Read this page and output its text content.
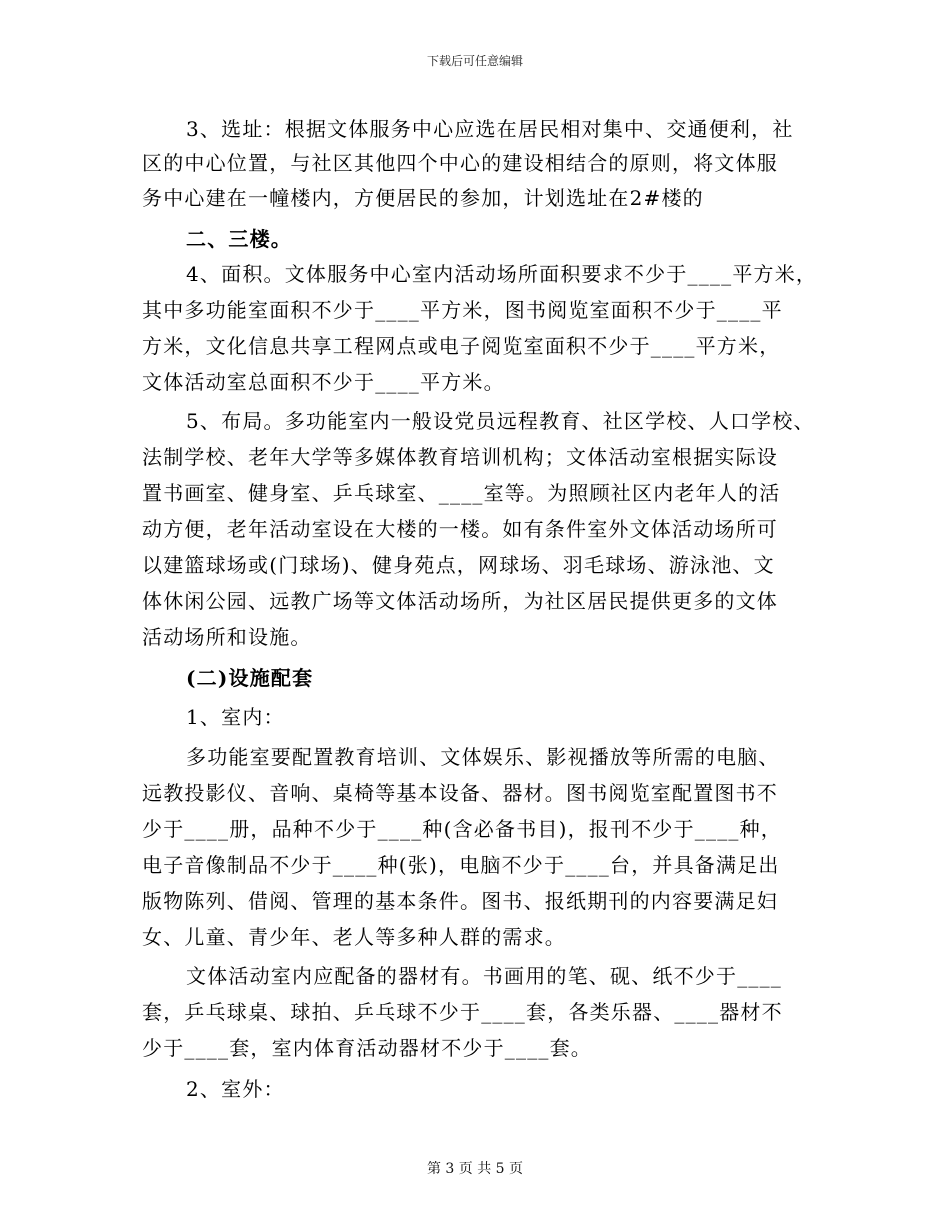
下载后可任意编辑
3、选址：根据文体服务中心应选在居民相对集中、交通便利，社
区的中心位置，与社区其他四个中心的建设相结合的原则，将文体服
务中心建在一幢楼内，方便居民的参加，计划选址在2#楼的
二、三楼。
4、面积。文体服务中心室内活动场所面积要求不少于____平方米，
其中多功能室面积不少于____平方米，图书阅览室面积不少于____平
方米，文化信息共享工程网点或电子阅览室面积不少于____平方米，
文体活动室总面积不少于____平方米。
5、布局。多功能室内一般设党员远程教育、社区学校、人口学校、
法制学校、老年大学等多媒体教育培训机构；文体活动室根据实际设
置书画室、健身室、乒乓球室、____室等。为照顾社区内老年人的活
动方便，老年活动室设在大楼的一楼。如有条件室外文体活动场所可
以建篮球场或(门球场)、健身苑点，网球场、羽毛球场、游泳池、文
体休闲公园、远教广场等文体活动场所，为社区居民提供更多的文体
活动场所和设施。
(二)设施配套
1、室内：
多功能室要配置教育培训、文体娱乐、影视播放等所需的电脑、
远教投影仪、音响、桌椅等基本设备、器材。图书阅览室配置图书不
少于____册，品种不少于____种(含必备书目)，报刊不少于____种，
电子音像制品不少于____种(张)，电脑不少于____台，并具备满足出
版物陈列、借阅、管理的基本条件。图书、报纸期刊的内容要满足妇
女、儿童、青少年、老人等多种人群的需求。
文体活动室内应配备的器材有。书画用的笔、砚、纸不少于____
套，乒乓球桌、球拍、乒乓球不少于____套，各类乐器、____器材不
少于____套，室内体育活动器材不少于____套。
2、室外：
第 3 页 共 5 页
